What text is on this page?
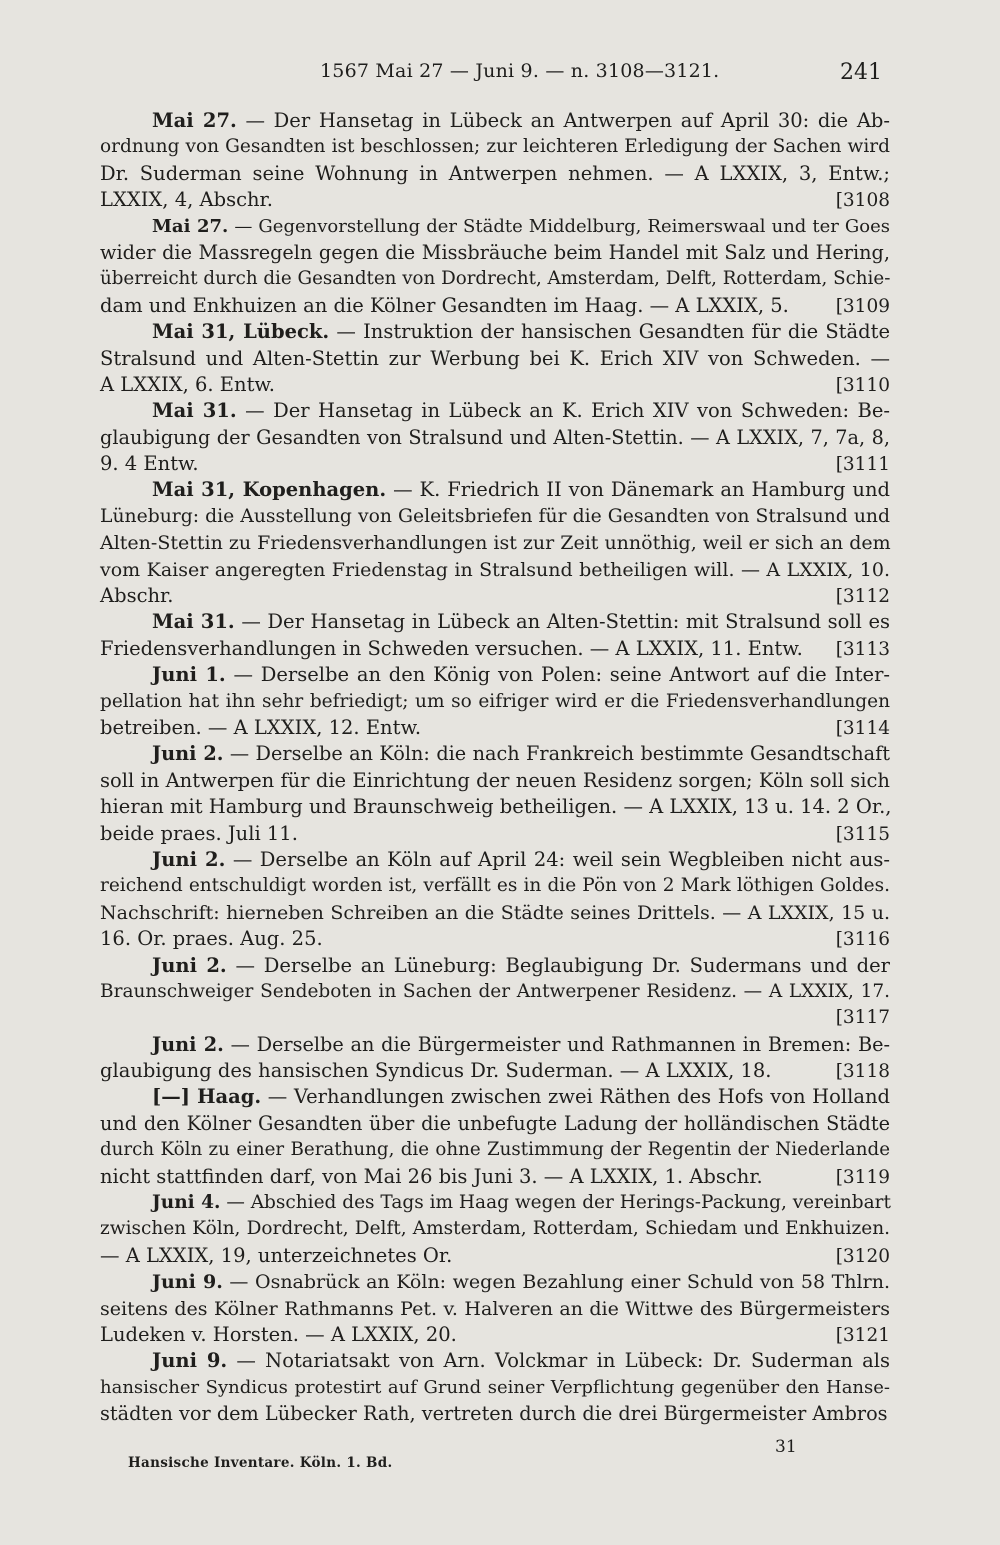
1567 Mai 27 — Juni 9. — n. 3108—3121.	241
Mai 27. — Der Hansetag in Lübeck an Antwerpen auf April 30: die Ab-
ordnung von Gesandten ist beschlossen; zur leichteren Erledigung der Sachen wird
Dr. Suderman seine Wohnung in Antwerpen nehmen. — A LXXIX, 3, Entw.;
LXXIX, 4, Abschr.	[3108
Mai 27. — Gegenvorstellung der Städte Middelburg, Reimerswaal und ter Goes
wider die Massregeln gegen die Missbräuche beim Handel mit Salz und Hering,
überreicht durch die Gesandten von Dordrecht, Amsterdam, Delft, Rotterdam, Schie-
dam und Enkhuizen an die Kölner Gesandten im Haag. — A LXXIX, 5.	[3109
Mai 31, Lübeck. — Instruktion der hansischen Gesandten für die Städte
Stralsund und Alten-Stettin zur Werbung bei K. Erich XIV von Schweden. —
A LXXIX, 6. Entw.	[3110
Mai 31. — Der Hansetag in Lübeck an K. Erich XIV von Schweden: Be-
glaubigung der Gesandten von Stralsund und Alten-Stettin. — A LXXIX, 7, 7a, 8,
9. 4 Entw.	[3111
Mai 31, Kopenhagen. — K. Friedrich II von Dänemark an Hamburg und
Lüneburg: die Ausstellung von Geleitsbriefen für die Gesandten von Stralsund und
Alten-Stettin zu Friedensverhandlungen ist zur Zeit unnöthig, weil er sich an dem
vom Kaiser angeregten Friedenstag in Stralsund betheiligen will. — A LXXIX, 10.
Abschr.	[3112
Mai 31. — Der Hansetag in Lübeck an Alten-Stettin: mit Stralsund soll es
Friedensverhandlungen in Schweden versuchen. — A LXXIX, 11. Entw. [3113
Juni 1. — Derselbe an den König von Polen: seine Antwort auf die Inter-
pellation hat ihn sehr befriedigt; um so eifriger wird er die Friedensverhandlungen
betreiben. — A LXXIX, 12. Entw.	[3114
Juni 2. — Derselbe an Köln: die nach Frankreich bestimmte Gesandtschaft
soll in Antwerpen für die Einrichtung der neuen Residenz sorgen; Köln soll sich
hieran mit Hamburg und Braunschweig betheiligen. — A LXXIX, 13 u. 14. 2 Or.,
beide praes. Juli 11.	[3115
Juni 2. — Derselbe an Köln auf April 24: weil sein Wegbleiben nicht aus-
reichend entschuldigt worden ist, verfällt es in die Pön von 2 Mark löthigen Goldes.
Nachschrift: hierneben Schreiben an die Städte seines Drittels. — A LXXIX, 15 u.
16. Or. praes. Aug. 25.	[3116
Juni 2. — Derselbe an Lüneburg: Beglaubigung Dr. Sudermans und der
Braunschweiger Sendeboten in Sachen der Antwerpener Residenz. — A LXXIX, 17.
[3117
Juni 2. — Derselbe an die Bürgermeister und Rathmannen in Bremen: Be-
glaubigung des hansischen Syndicus Dr. Suderman. — A LXXIX, 18.	[3118
[—] Haag. — Verhandlungen zwischen zwei Räthen des Hofs von Holland
und den Kölner Gesandten über die unbefugte Ladung der holländischen Städte
durch Köln zu einer Berathung, die ohne Zustimmung der Regentin der Niederlande
nicht stattfinden darf, von Mai 26 bis Juni 3. — A LXXIX, 1. Abschr.	[3119
Juni 4. — Abschied des Tags im Haag wegen der Herings-Packung, vereinbart
zwischen Köln, Dordrecht, Delft, Amsterdam, Rotterdam, Schiedam und Enkhuizen.
— A LXXIX, 19, unterzeichnetes Or.	[3120
Juni 9. — Osnabrück an Köln: wegen Bezahlung einer Schuld von 58 Thlrn.
seitens des Kölner Rathmanns Pet. v. Halveren an die Wittwe des Bürgermeisters
Ludeken v. Horsten. — A LXXIX, 20.	[3121
Juni 9. — Notariatsakt von Arn. Volckmar in Lübeck: Dr. Suderman als
hansischer Syndicus protestirt auf Grund seiner Verpflichtung gegenüber den Hanse-
städten vor dem Lübecker Rath, vertreten durch die drei Bürgermeister Ambros
31
Hansische Inventare. Köln. 1. Bd.
